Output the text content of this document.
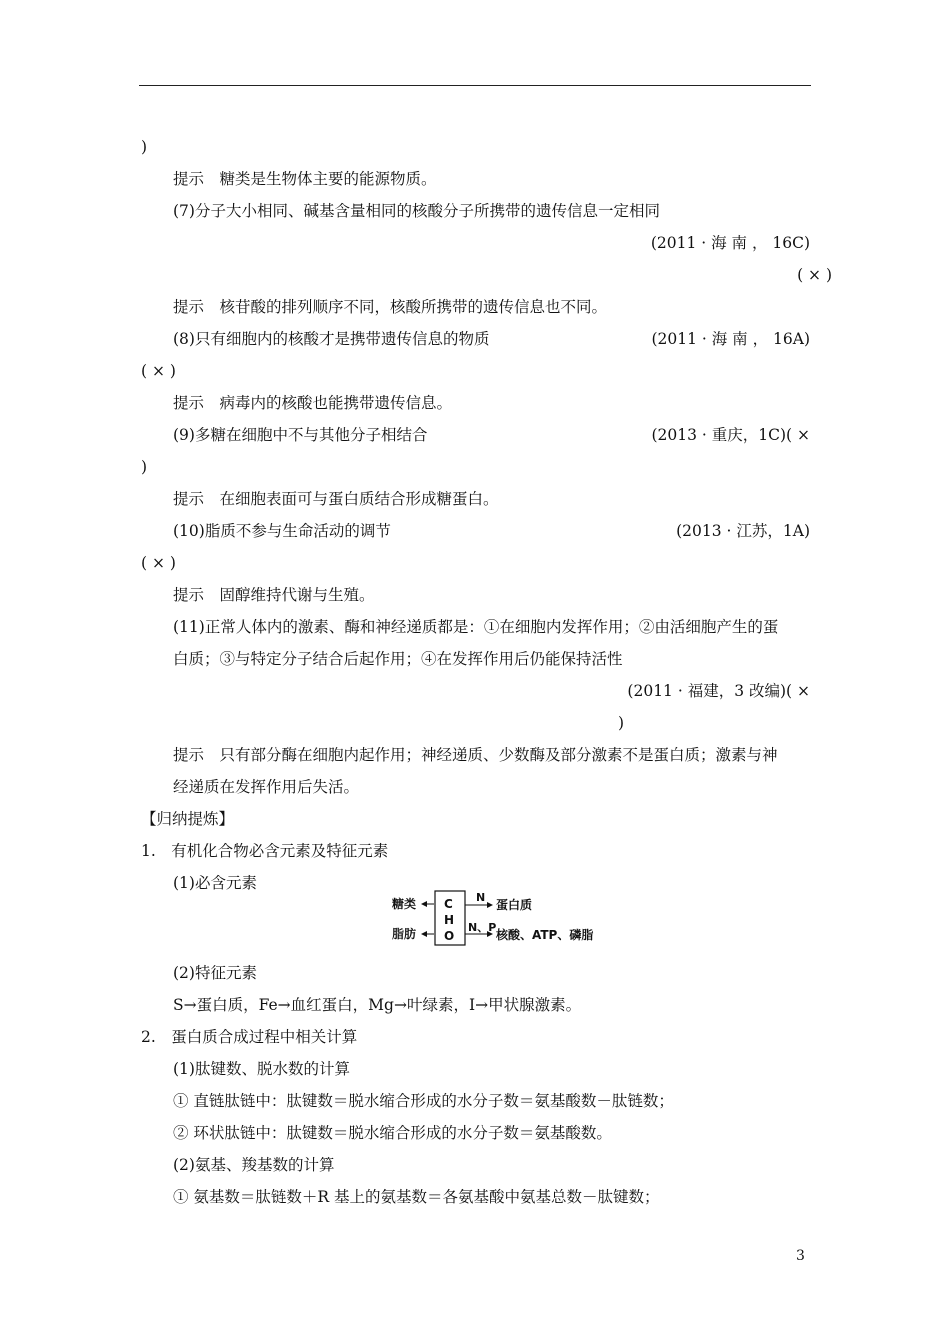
)
提示　糖类是生物体主要的能源物质。
(7)分子大小相同、碱基含量相同的核酸分子所携带的遗传信息一定相同
(2011 · 海 南 ， 16C)
( × )
提示　核苷酸的排列顺序不同，核酸所携带的遗传信息也不同。
(8)只有细胞内的核酸才是携带遗传信息的物质	(2011 · 海 南 ， 16A)
( × )
提示　病毒内的核酸也能携带遗传信息。
(9)多糖在细胞中不与其他分子相结合	(2013 · 重庆，1C)( ×
)
提示　在细胞表面可与蛋白质结合形成糖蛋白。
(10)脂质不参与生命活动的调节	(2013 · 江苏，1A)
( × )
提示　固醇维持代谢与生殖。
(11)正常人体内的激素、酶和神经递质都是：①在细胞内发挥作用；②由活细胞产生的蛋
白质；③与特定分子结合后起作用；④在发挥作用后仍能保持活性
(2011 · 福建，3 改编)( ×
)
提示　只有部分酶在细胞内起作用；神经递质、少数酶及部分激素不是蛋白质；激素与神
经递质在发挥作用后失活。
【归纳提炼】
1.　有机化合物必含元素及特征元素
(1)必含元素
糖类
脂肪
C
H
O
N
N、P
蛋白质
核酸、ATP、磷脂
(2)特征元素
S→蛋白质，Fe→血红蛋白，Mg→叶绿素，I→甲状腺激素。
2.　蛋白质合成过程中相关计算
(1)肽键数、脱水数的计算
① 直链肽链中：肽键数＝脱水缩合形成的水分子数＝氨基酸数－肽链数；
② 环状肽链中：肽键数＝脱水缩合形成的水分子数＝氨基酸数。
(2)氨基、羧基数的计算
① 氨基数＝肽链数＋R 基上的氨基数＝各氨基酸中氨基总数－肽键数；
3
